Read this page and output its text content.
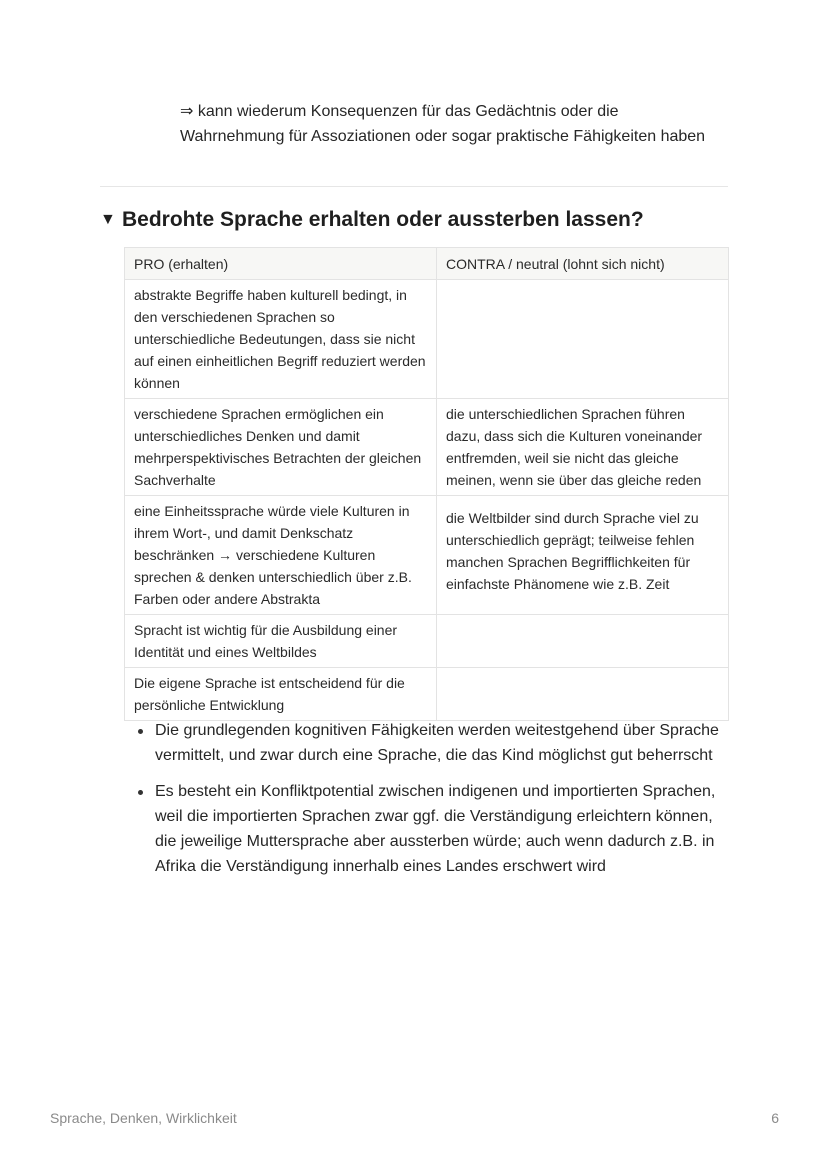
⇒ kann wiederum Konsequenzen für das Gedächtnis oder die Wahrnehmung für Assoziationen oder sogar praktische Fähigkeiten haben
▼ Bedrohte Sprache erhalten oder aussterben lassen?
PRO (erhalten)	CONTRA / neutral (lohnt sich nicht)
abstrakte Begriffe haben kulturell bedingt, in den verschiedenen Sprachen so unterschiedliche Bedeutungen, dass sie nicht auf einen einheitlichen Begriff reduziert werden können	
verschiedene Sprachen ermöglichen ein unterschiedliches Denken und damit mehrperspektivisches Betrachten der gleichen Sachverhalte	die unterschiedlichen Sprachen führen dazu, dass sich die Kulturen voneinander entfremden, weil sie nicht das gleiche meinen, wenn sie über das gleiche reden
eine Einheitssprache würde viele Kulturen in ihrem Wort-, und damit Denkschatz beschränken → verschiedene Kulturen sprechen & denken unterschiedlich über z.B. Farben oder andere Abstrakta	die Weltbilder sind durch Sprache viel zu unterschiedlich geprägt; teilweise fehlen manchen Sprachen Begrifflichkeiten für einfachste Phänomene wie z.B. Zeit
Spracht ist wichtig für die Ausbildung einer Identität und eines Weltbildes	
Die eigene Sprache ist entscheidend für die persönliche Entwicklung	
Die grundlegenden kognitiven Fähigkeiten werden weitestgehend über Sprache vermittelt, und zwar durch eine Sprache, die das Kind möglichst gut beherrscht
Es besteht ein Konfliktpotential zwischen indigenen und importierten Sprachen, weil die importierten Sprachen zwar ggf. die Verständigung erleichtern können, die jeweilige Muttersprache aber aussterben würde; auch wenn dadurch z.B. in Afrika die Verständigung innerhalb eines Landes erschwert wird
Sprache, Denken, Wirklichkeit	6
